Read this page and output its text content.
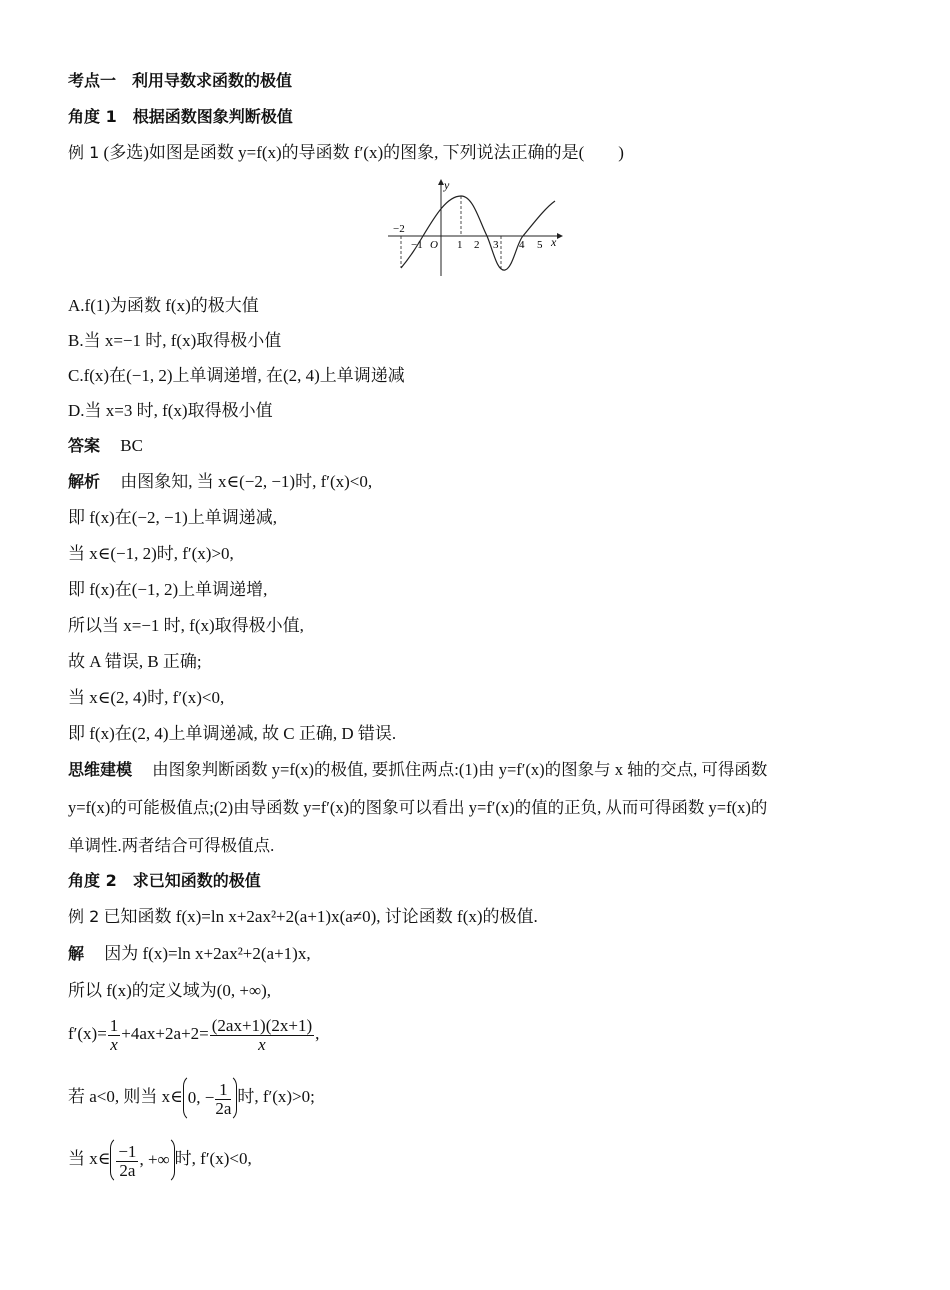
考点一　利用导数求函数的极值
角度 1　根据函数图象判断极值
例 1 (多选)如图是函数 y=f(x)的导函数 f′(x)的图象, 下列说法正确的是(　　)
y
x
O
−2
−1	1 2 3 4 5
A.f(1)为函数 f(x)的极大值
B.当 x=−1 时, f(x)取得极小值
C.f(x)在(−1, 2)上单调递增, 在(2, 4)上单调递减
D.当 x=3 时, f(x)取得极小值
答案 BC
解析 由图象知, 当 x∈(−2, −1)时, f′(x)<0,
即 f(x)在(−2, −1)上单调递减,
当 x∈(−1, 2)时, f′(x)>0,
即 f(x)在(−1, 2)上单调递增,
所以当 x=−1 时, f(x)取得极小值,
故 A 错误, B 正确;
当 x∈(2, 4)时, f′(x)<0,
即 f(x)在(2, 4)上单调递减, 故 C 正确, D 错误.
思维建模 由图象判断函数 y=f(x)的极值, 要抓住两点:(1)由 y=f′(x)的图象与 x 轴的交点, 可得函数
y=f(x)的可能极值点;(2)由导函数 y=f′(x)的图象可以看出 y=f′(x)的值的正负, 从而可得函数 y=f(x)的
单调性.两者结合可得极值点.
角度 2　求已知函数的极值
例 2 已知函数 f(x)=ln x+2ax²+2(a+1)x(a≠0), 讨论函数 f(x)的极值.
解 因为 f(x)=ln x+2ax²+2(a+1)x,
所以 f(x)的定义域为(0, +∞),
$f'(x)= \frac{1}{x} +4ax+2a+2= \frac{(2ax+1)(2x+1)}{x}$ ,
若 a<0, 则当 x∈ 0, − $\frac{1}{2a}$ 时, f′(x)>0;
当 x∈ $\frac{-1}{2a}$ , +∞ 时, f′(x)<0,
